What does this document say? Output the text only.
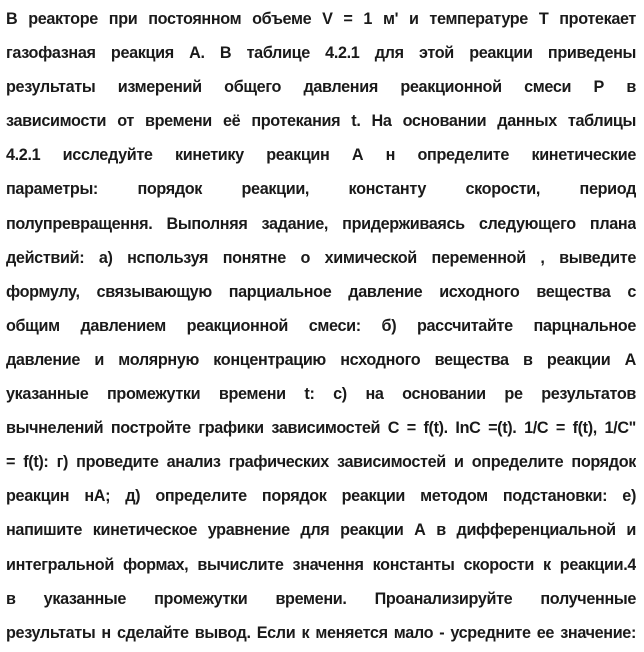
В реакторе при постоянном объеме V = 1 м' и температуре T протекает
газофазная реакция А. В таблице 4.2.1 для этой реакции приведены
результаты измерений общего давления реакционной смеси Р в
зависимости от времени её протекания t. На основании данных таблицы
4.2.1 исследуйте кинетику реакцин А н определите кинетические
параметры: порядок реакции, константу скорости, период
полупревращення. Выполняя задание, придерживаясь следующего плана
действий: а) нспользуя понятне о химической переменной , выведите
формулу, связывающую парциальное давление исходного вещества с
общим давлением реакционной смеси: б) рассчитайте парцнальное
давление и молярную концентрацию нсходного вещества в реакции А
указанные промежутки времени t: с) на основании ре результатов
вычнелений постройте графики зависимостей С = f(t). InC =(t). 1/C = f(t), 1/C"
= f(t): г) проведите анализ графических зависимостей и определите порядок
реакцин нА; д) определите порядок реакции методом подстановки: е)
напишите кинетическое уравнение для реакции А в дифференциальной и
интегральной формах, вычислите значення константы скорости к реакции.4
в указанные промежутки времени. Проанализируйте полученные
результаты н сделайте вывод. Если к меняется мало - усредните ее значение:
